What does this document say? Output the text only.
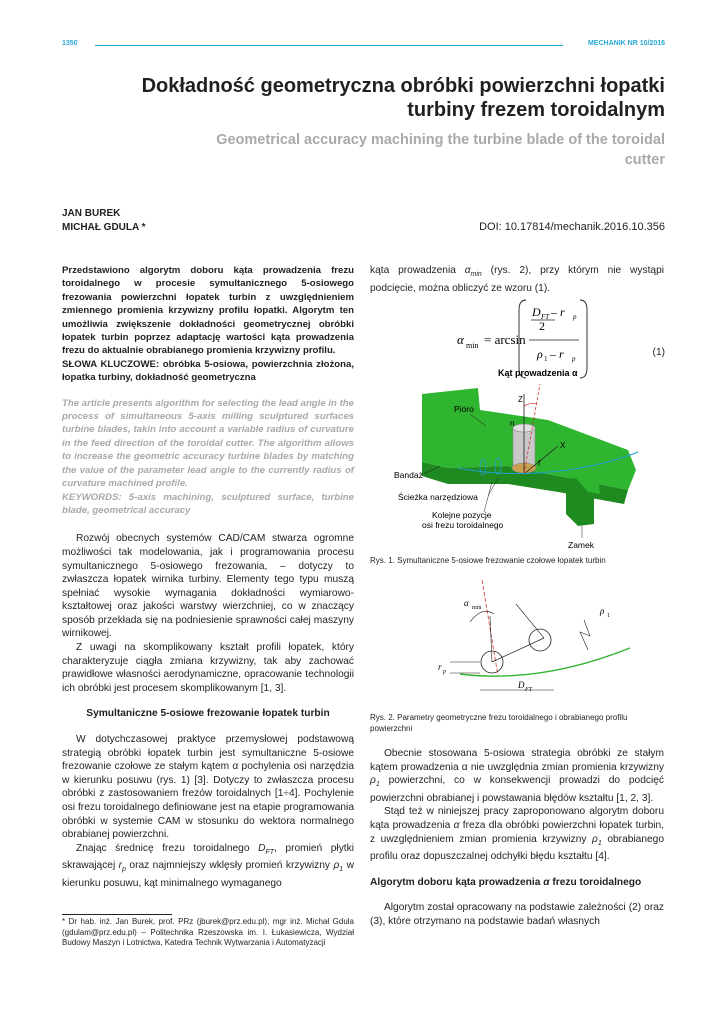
1350	MECHANIK NR 10/2016
Dokładność geometryczna obróbki powierzchni łopatki turbiny frezem toroidalnym
Geometrical accuracy machining the turbine blade of the toroidal cutter
JAN BUREK
MICHAŁ GDULA *	DOI: 10.17814/mechanik.2016.10.356

Przedstawiono algorytm doboru kąta prowadzenia frezu toroidalnego w procesie symultanicznego 5-osiowego frezowania powierzchni łopatek turbin z uwzględnieniem zmiennego promienia krzywizny profilu łopatki. Algorytm ten umożliwia zwiększenie dokładności geometrycznej obróbki łopatek turbin poprzez adaptację wartości kąta prowadzenia frezu do aktualnie obrabianego promienia krzywizny profilu.

SŁOWA KLUCZOWE: obróbka 5-osiowa, powierzchnia złożona, łopatka turbiny, dokładność geometryczna

The article presents algorithm for selecting the lead angle in the process of simultaneous 5-axis milling sculptured surfaces turbine blades, takin into account a variable radius of curvature in the feed direction of the toroidal cutter. The algorithm allows to increase the geometric accuracy turbine blades by matching the value of the parameter lead angle to the currently radius of curvature machined profile.

KEYWORDS: 5-axis machining, sculptured surface, turbine blade, geometrical accuracy

Rozwój obecnych systemów CAD/CAM stwarza ogromne możliwości tak modelowania, jak i programowania procesu symultanicznego 5-osiowego frezowania, – dotyczy to zwłaszcza łopatek wirnika turbiny. Elementy tego typu muszą spełniać wysokie wymagania dokładności wymiarowo-kształtowej oraz jakości warstwy wierzchniej, co w znaczący sposób przekłada się na podniesienie sprawności całej maszyny wirnikowej.

Z uwagi na skomplikowany kształt profili łopatek, który charakteryzuje ciągła zmiana krzywizny, tak aby zachować prawidłowe własności aerodynamiczne, opracowanie technologii ich obróbki jest procesem skomplikowanym [1, 3].

Symultaniczne 5-osiowe frezowanie łopatek turbin

W dotychczasowej praktyce przemysłowej podstawową strategią obróbki łopatek turbin jest symultaniczne 5-osiowe frezowanie czołowe ze stałym kątem α pochylenia osi narzędzia w kierunku posuwu (rys. 1) [3]. Dotyczy to zwłaszcza procesu obróbki z zastosowaniem frezów toroidalnych [1÷4]. Pochylenie osi frezu toroidalnego definiowane jest na etapie programowania obróbki w systemie CAM w stosunku do wektora normalnego obrabianej powierzchni.

Znając średnicę frezu toroidalnego $D_{FT}$, promień płytki skrawającej $r_p$ oraz najmniejszy wklęsły promień krzywizny $\rho_1$ w kierunku posuwu, kąt minimalnego wymaganego

* Dr hab. inż. Jan Burek, prof. PRz (jburek@prz.edu.pl), mgr inż. Michał Gdula (gdulam@prz.edu.pl) – Politechnika Rzeszowska im. I. Łukasiewicza, Wydział Budowy Maszyn i Lotnictwa, Katedra Technik Wytwarzania i Automatyzacji

kąta prowadzenia $\alpha_{min}$ (rys. 2), przy którym nie wystąpi podcięcie, można obliczyć ze wzoru (1).

α min = arcsin
D FT – r p
2
ρ 1 – r p
(1)
Kąt prowadzenia α
Pióro
Bandaż
Ścieżka narzędziowa
Kolejne pozycje
osi frezu toroidalnego
Zamek
Z
X
n
f
Rys. 1. Symultaniczne 5-osiowe frezowanie czołowe łopatek turbin
α min	ρ 1
r p
D FT
Rys. 2. Parametry geometryczne frezu toroidalnego i obrabianego profilu powierzchni

Obecnie stosowana 5-osiowa strategia obróbki ze stałym kątem prowadzenia α nie uwzględnia zmian promienia krzywizny $\rho_1$ powierzchni, co w konsekwencji prowadzi do podcięć powierzchni obrabianej i powstawania błędów kształtu [1, 2, 3].

Stąd też w niniejszej pracy zaproponowano algorytm doboru kąta prowadzenia α freza dla obróbki powierzchni łopatek turbin, z uwzględnieniem zmian promienia krzywizny $\rho_1$ obrabianego profilu oraz dopuszczalnej odchyłki błędu kształtu [4].

Algorytm doboru kąta prowadzenia α frezu toroidalnego

Algorytm został opracowany na podstawie zależności (2) oraz (3), które otrzymano na podstawie badań własnych
